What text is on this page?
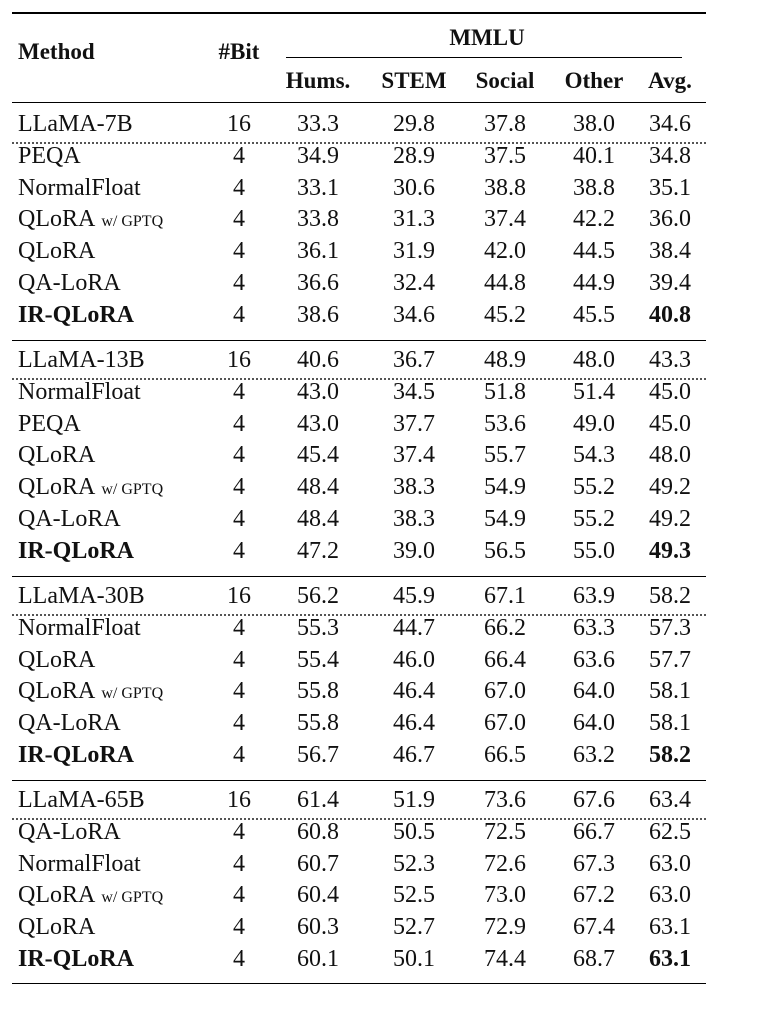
Method	#Bit
MMLU
Hums. STEM Social Other Avg.
LLaMA-7B	16 33.3 29.8 37.8 38.0 34.6
PEQA	4 34.9 28.9 37.5 40.1 34.8
NormalFloat	4 33.1 30.6 38.8 38.8 35.1
QLoRA w/ GPTQ	4 33.8 31.3 37.4 42.2 36.0
QLoRA	4 36.1 31.9 42.0 44.5 38.4
QA-LoRA	4 36.6 32.4 44.8 44.9 39.4
IR-QLoRA	4 38.6 34.6 45.2 45.5 40.8
LLaMA-13B	16 40.6 36.7 48.9 48.0 43.3
NormalFloat	4 43.0 34.5 51.8 51.4 45.0
PEQA	4 43.0 37.7 53.6 49.0 45.0
QLoRA	4 45.4 37.4 55.7 54.3 48.0
QLoRA w/ GPTQ	4 48.4 38.3 54.9 55.2 49.2
QA-LoRA	4 48.4 38.3 54.9 55.2 49.2
IR-QLoRA	4 47.2 39.0 56.5 55.0 49.3
LLaMA-30B	16 56.2 45.9 67.1 63.9 58.2
NormalFloat	4 55.3 44.7 66.2 63.3 57.3
QLoRA	4 55.4 46.0 66.4 63.6 57.7
QLoRA w/ GPTQ	4 55.8 46.4 67.0 64.0 58.1
QA-LoRA	4 55.8 46.4 67.0 64.0 58.1
IR-QLoRA	4 56.7 46.7 66.5 63.2 58.2
LLaMA-65B	16 61.4 51.9 73.6 67.6 63.4
QA-LoRA	4 60.8 50.5 72.5 66.7 62.5
NormalFloat	4 60.7 52.3 72.6 67.3 63.0
QLoRA w/ GPTQ	4 60.4 52.5 73.0 67.2 63.0
QLoRA	4 60.3 52.7 72.9 67.4 63.1
IR-QLoRA	4 60.1 50.1 74.4 68.7 63.1
